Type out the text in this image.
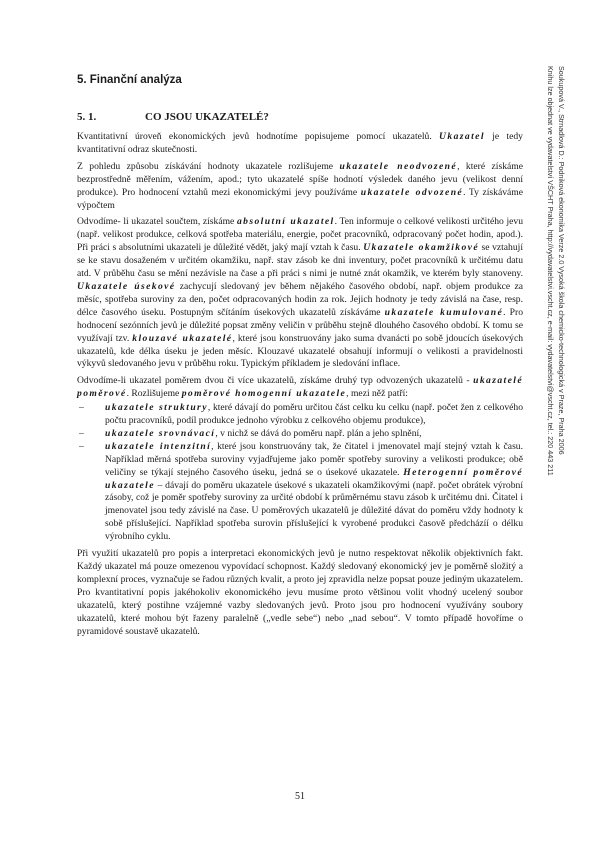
5. Finanční analýza
5. 1.	CO JSOU UKAZATELÉ?

Kvantitativní úroveň ekonomických jevů hodnotíme popisujeme pomocí ukazatelů. Ukazatel je tedy kvantitativní odraz skutečnosti.

Z pohledu způsobu získávání hodnoty ukazatele rozlišujeme ukazatele neodvozené, které získáme bezprostředně měřením, vážením, apod.; tyto ukazatelé spíše hodnotí výsledek daného jevu (velikost denní produkce). Pro hodnocení vztahů mezi ekonomickými jevy používáme ukazatele odvozené. Ty získáváme výpočtem

Odvodíme- li ukazatel součtem, získáme absolutní ukazatel. Ten informuje o celkové velikosti určitého jevu (např. velikost produkce, celková spotřeba materiálu, energie, počet pracovníků, odpracovaný počet hodin, apod.). Při práci s absolutními ukazateli je důležité vědět, jaký mají vztah k času. Ukazatele okamžikové se vztahují se ke stavu dosaženém v určitém okamžiku, např. stav zásob ke dni inventury, počet pracovníků k určitému datu atd. V průběhu času se mění nezávisle na čase a při práci s nimi je nutné znát okamžik, ve kterém byly stanoveny. Ukazatele úsekové zachycují sledovaný jev během nějakého časového období, např. objem produkce za měsíc, spotřeba suroviny za den, počet odpracovaných hodin za rok. Jejich hodnoty je tedy závislá na čase, resp. délce časového úseku. Postupným sčítáním úsekových ukazatelů získáváme ukazatele kumulované. Pro hodnocení sezónních jevů je důležité popsat změny veličin v průběhu stejně dlouhého časového období. K tomu se využívají tzv. klouzavé ukazatelé, které jsou konstruovány jako suma dvanácti po sobě jdoucích úsekových ukazatelů, kde délka úseku je jeden měsíc. Klouzavé ukazatelé obsahují informují o velikosti a pravidelnosti výkyvů sledovaného jevu v průběhu roku. Typickým příkladem je sledování inflace.

Odvodíme-li ukazatel poměrem dvou či více ukazatelů, získáme druhý typ odvozených ukazatelů - ukazatelé poměrové. Rozlišujeme poměrové homogenní ukazatele, mezi něž patří:

– ukazatele struktury, které dávají do poměru určitou část celku ku celku (např. počet žen z celkového počtu pracovníků, podíl produkce jednoho výrobku z celkového objemu produkce),
– ukazatele srovnávací, v nichž se dává do poměru např. plán a jeho splnění,
– ukazatele intenzitní, které jsou konstruovány tak, že čitatel i jmenovatel mají stejný vztah k času. Například měrná spotřeba suroviny vyjadřujeme jako poměr spotřeby suroviny a velikosti produkce; obě veličiny se týkají stejného časového úseku, jedná se o úsekové ukazatele. Heterogenní poměrové ukazatele – dávají do poměru ukazatele úsekové s ukazateli okamžikovými (např. počet obrátek výrobní zásoby, což je poměr spotřeby suroviny za určité období k průměrnému stavu zásob k určitému dni. Čitatel i jmenovatel jsou tedy závislé na čase. U poměrových ukazatelů je důležité dávat do poměru vždy hodnoty k sobě příslušející. Například spotřeba surovin příslušející k vyrobené produkci časově předcházíí o délku výrobního cyklu.

Při využití ukazatelů pro popis a interpretaci ekonomických jevů je nutno respektovat několik objektivních fakt. Každý ukazatel má pouze omezenou vypovídací schopnost. Každý sledovaný ekonomický jev je poměrně složitý a komplexní proces, vyznačuje se řadou různých kvalit, a proto jej zpravidla nelze popsat pouze jediným ukazatelem. Pro kvantitativní popis jakéhokoliv ekonomického jevu musíme proto většinou volit vhodný ucelený soubor ukazatelů, který postihne vzájemné vazby sledovaných jevů. Proto jsou pro hodnocení využívány soubory ukazatelů, které mohou být řazeny paralelně („vedle sebe“) nebo „nad sebou“. V tomto případě hovoříme o pyramidové soustavě ukazatelů.

Soukupová V., Strnadlová D.: Podniková ekonomika Verze 2.0 Vysoká škola chemicko-technologická v Praze, Praha 2006
Knihu lze objednat ve vydavatelství VŠCHT Praha, http://vydavatelstvi.vscht.cz, e-mail: vydavatelstvi@vscht.cz, tel.: 220 443 211
51
